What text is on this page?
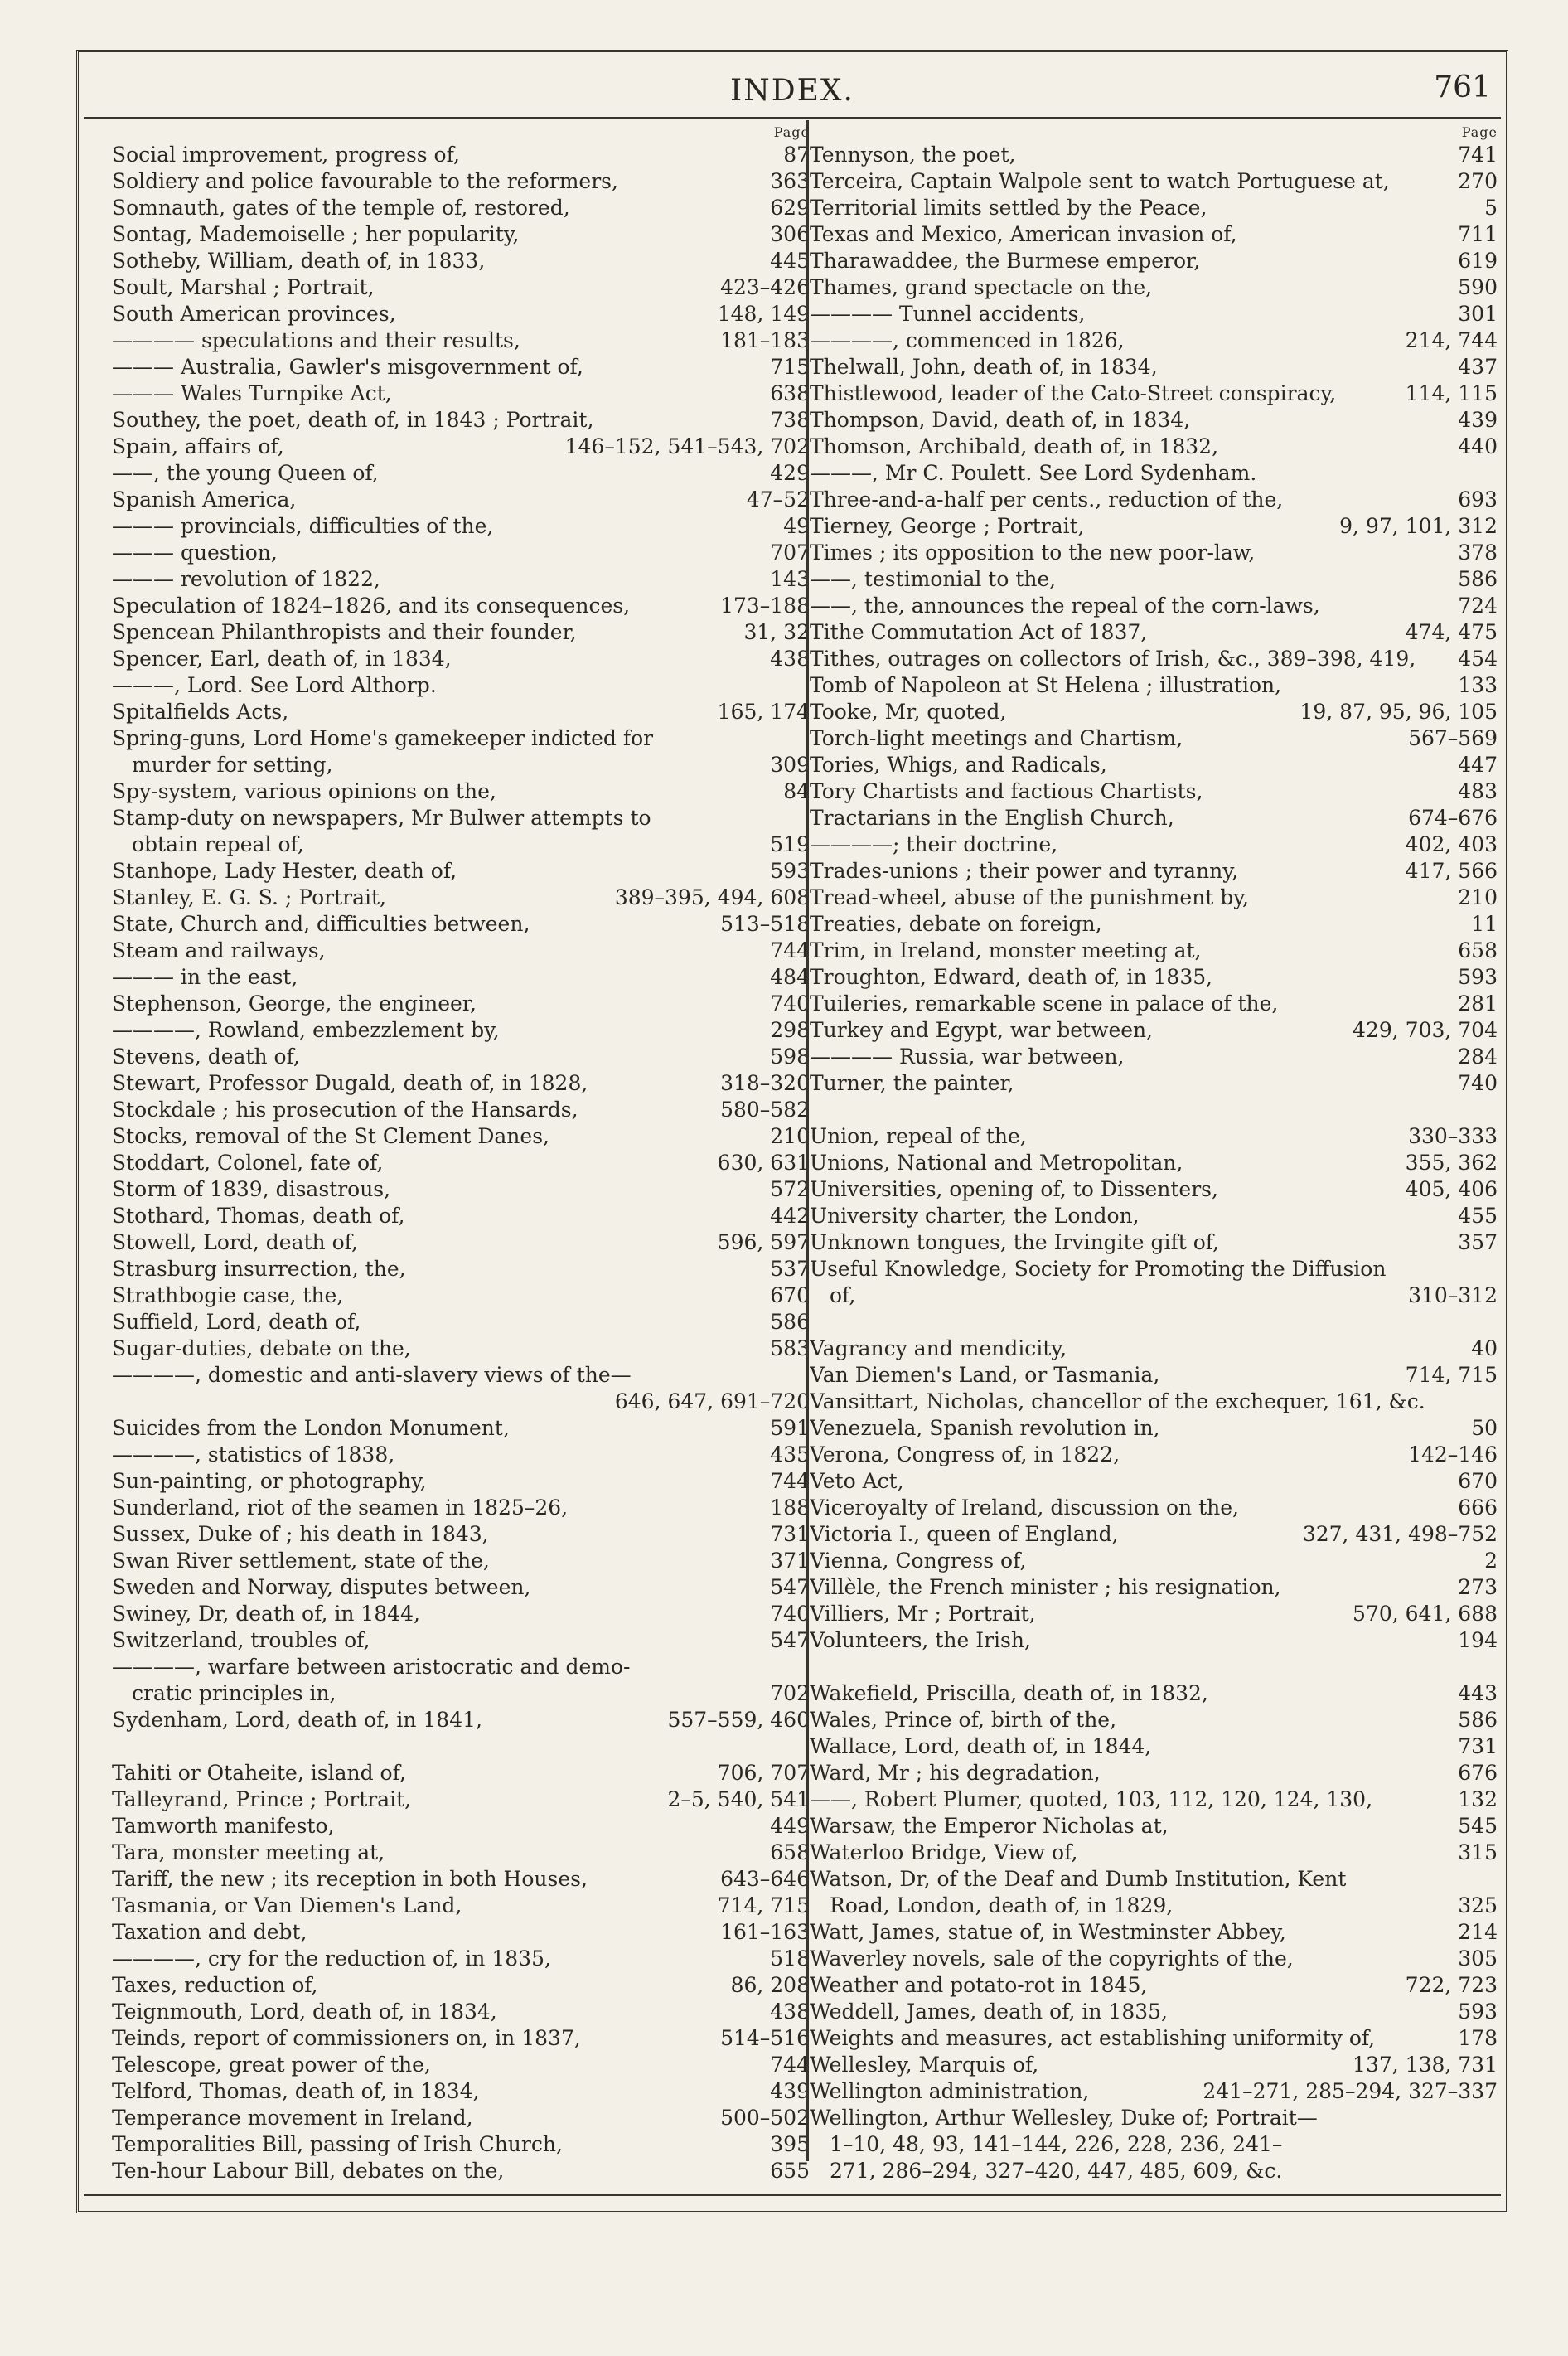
INDEX.	761
Page
Social improvement, progress of,	87
Soldiery and police favourable to the reformers,	363
Somnauth, gates of the temple of, restored,	629
Sontag, Mademoiselle ; her popularity,	306
Sotheby, William, death of, in 1833,	445
Soult, Marshal ; Portrait,	423–426
South American provinces,	148, 149
———— speculations and their results,	181–183
——— Australia, Gawler's misgovernment of,	715
——— Wales Turnpike Act,	638
Southey, the poet, death of, in 1843 ; Portrait,	738
Spain, affairs of,	146–152, 541–543, 702
——, the young Queen of,	429
Spanish America,	47–52
——— provincials, difficulties of the,	49
——— question,	707
——— revolution of 1822,	143
Speculation of 1824–1826, and its consequences,	173–188
Spencean Philanthropists and their founder,	31, 32
Spencer, Earl, death of, in 1834,	438
———, Lord. See Lord Althorp.
Spitalfields Acts,	165, 174
Spring-guns, Lord Home's gamekeeper indicted for
murder for setting,	309
Spy-system, various opinions on the,	84
Stamp-duty on newspapers, Mr Bulwer attempts to
obtain repeal of,	519
Stanhope, Lady Hester, death of,	593
Stanley, E. G. S. ; Portrait,	389–395, 494, 608
State, Church and, difficulties between,	513–518
Steam and railways,	744
——— in the east,	484
Stephenson, George, the engineer,	740
————, Rowland, embezzlement by,	298
Stevens, death of,	598
Stewart, Professor Dugald, death of, in 1828,	318–320
Stockdale ; his prosecution of the Hansards,	580–582
Stocks, removal of the St Clement Danes,	210
Stoddart, Colonel, fate of,	630, 631
Storm of 1839, disastrous,	572
Stothard, Thomas, death of,	442
Stowell, Lord, death of,	596, 597
Strasburg insurrection, the,	537
Strathbogie case, the,	670
Suffield, Lord, death of,	586
Sugar-duties, debate on the,	583
————, domestic and anti-slavery views of the—
646, 647, 691–720
Suicides from the London Monument,	591
————, statistics of 1838,	435
Sun-painting, or photography,	744
Sunderland, riot of the seamen in 1825–26,	188
Sussex, Duke of ; his death in 1843,	731
Swan River settlement, state of the,	371
Sweden and Norway, disputes between,	547
Swiney, Dr, death of, in 1844,	740
Switzerland, troubles of,	547
————, warfare between aristocratic and demo-
cratic principles in,	702
Sydenham, Lord, death of, in 1841,	557–559, 460
Tahiti or Otaheite, island of,	706, 707
Talleyrand, Prince ; Portrait,	2–5, 540, 541
Tamworth manifesto,	449
Tara, monster meeting at,	658
Tariff, the new ; its reception in both Houses,	643–646
Tasmania, or Van Diemen's Land,	714, 715
Taxation and debt,	161–163
————, cry for the reduction of, in 1835,	518
Taxes, reduction of,	86, 208
Teignmouth, Lord, death of, in 1834,	438
Teinds, report of commissioners on, in 1837,	514–516
Telescope, great power of the,	744
Telford, Thomas, death of, in 1834,	439
Temperance movement in Ireland,	500–502
Temporalities Bill, passing of Irish Church,	395
Ten-hour Labour Bill, debates on the,	655
Page
Tennyson, the poet,	741
Terceira, Captain Walpole sent to watch Portuguese at,	270
Territorial limits settled by the Peace,	5
Texas and Mexico, American invasion of,	711
Tharawaddee, the Burmese emperor,	619
Thames, grand spectacle on the,	590
———— Tunnel accidents,	301
————, commenced in 1826,	214, 744
Thelwall, John, death of, in 1834,	437
Thistlewood, leader of the Cato-Street conspiracy,	114, 115
Thompson, David, death of, in 1834,	439
Thomson, Archibald, death of, in 1832,	440
———, Mr C. Poulett. See Lord Sydenham.
Three-and-a-half per cents., reduction of the,	693
Tierney, George ; Portrait,	9, 97, 101, 312
Times ; its opposition to the new poor-law,	378
——, testimonial to the,	586
——, the, announces the repeal of the corn-laws,	724
Tithe Commutation Act of 1837,	474, 475
Tithes, outrages on collectors of Irish, &c., 389–398, 419,	454
Tomb of Napoleon at St Helena ; illustration,	133
Tooke, Mr, quoted,	19, 87, 95, 96, 105
Torch-light meetings and Chartism,	567–569
Tories, Whigs, and Radicals,	447
Tory Chartists and factious Chartists,	483
Tractarians in the English Church,	674–676
————; their doctrine,	402, 403
Trades-unions ; their power and tyranny,	417, 566
Tread-wheel, abuse of the punishment by,	210
Treaties, debate on foreign,	11
Trim, in Ireland, monster meeting at,	658
Troughton, Edward, death of, in 1835,	593
Tuileries, remarkable scene in palace of the,	281
Turkey and Egypt, war between,	429, 703, 704
———— Russia, war between,	284
Turner, the painter,	740
Union, repeal of the,	330–333
Unions, National and Metropolitan,	355, 362
Universities, opening of, to Dissenters,	405, 406
University charter, the London,	455
Unknown tongues, the Irvingite gift of,	357
Useful Knowledge, Society for Promoting the Diffusion
of,	310–312
Vagrancy and mendicity,	40
Van Diemen's Land, or Tasmania,	714, 715
Vansittart, Nicholas, chancellor of the exchequer, 161, &c.
Venezuela, Spanish revolution in,	50
Verona, Congress of, in 1822,	142–146
Veto Act,	670
Viceroyalty of Ireland, discussion on the,	666
Victoria I., queen of England,	327, 431, 498–752
Vienna, Congress of,	2
Villèle, the French minister ; his resignation,	273
Villiers, Mr ; Portrait,	570, 641, 688
Volunteers, the Irish,	194
Wakefield, Priscilla, death of, in 1832,	443
Wales, Prince of, birth of the,	586
Wallace, Lord, death of, in 1844,	731
Ward, Mr ; his degradation,	676
——, Robert Plumer, quoted, 103, 112, 120, 124, 130,	132
Warsaw, the Emperor Nicholas at,	545
Waterloo Bridge, View of,	315
Watson, Dr, of the Deaf and Dumb Institution, Kent
Road, London, death of, in 1829,	325
Watt, James, statue of, in Westminster Abbey,	214
Waverley novels, sale of the copyrights of the,	305
Weather and potato-rot in 1845,	722, 723
Weddell, James, death of, in 1835,	593
Weights and measures, act establishing uniformity of,	178
Wellesley, Marquis of,	137, 138, 731
Wellington administration,	241–271, 285–294, 327–337
Wellington, Arthur Wellesley, Duke of; Portrait—
1–10, 48, 93, 141–144, 226, 228, 236, 241–
271, 286–294, 327–420, 447, 485, 609, &c.
